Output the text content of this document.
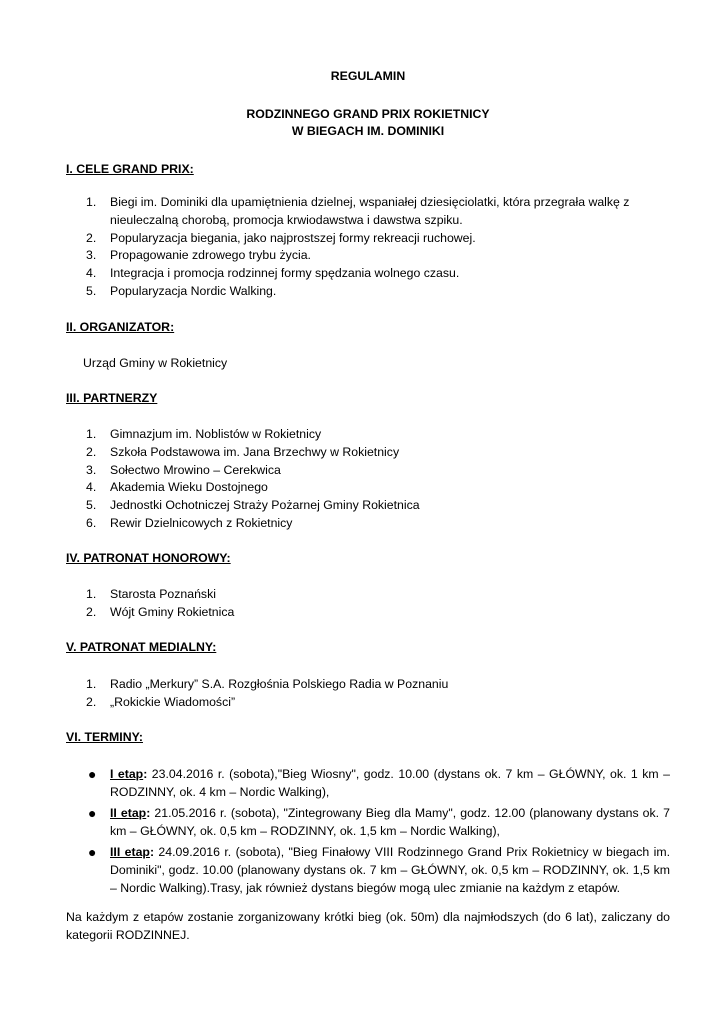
REGULAMIN
RODZINNEGO GRAND PRIX ROKIETNICY
W BIEGACH IM. DOMINIKI
I. CELE GRAND PRIX:
1. Biegi im. Dominiki dla upamiętnienia dzielnej, wspaniałej dziesięciolatki, która przegrała walkę z nieuleczalną chorobą, promocja krwiodawstwa i dawstwa szpiku.
2. Popularyzacja biegania, jako najprostszej formy rekreacji ruchowej.
3. Propagowanie zdrowego trybu życia.
4. Integracja i promocja rodzinnej formy spędzania wolnego czasu.
5. Popularyzacja Nordic Walking.
II. ORGANIZATOR:
Urząd Gminy w Rokietnicy
III. PARTNERZY
1. Gimnazjum im. Noblistów w Rokietnicy
2. Szkoła Podstawowa im. Jana Brzechwy w Rokietnicy
3. Sołectwo Mrowino – Cerekwica
4. Akademia Wieku Dostojnego
5. Jednostki Ochotniczej Straży Pożarnej Gminy Rokietnica
6. Rewir Dzielnicowych z Rokietnicy
IV. PATRONAT HONOROWY:
1. Starosta Poznański
2. Wójt Gminy Rokietnica
V. PATRONAT MEDIALNY:
1. Radio „Merkury” S.A. Rozgłośnia Polskiego Radia w Poznaniu
2. „Rokickie Wiadomości”
VI. TERMINY:
● I etap: 23.04.2016 r. (sobota),"Bieg Wiosny", godz. 10.00 (dystans ok. 7 km – GŁÓWNY, ok. 1 km – RODZINNY, ok. 4 km – Nordic Walking),
● II etap: 21.05.2016 r. (sobota), "Zintegrowany Bieg dla Mamy", godz. 12.00 (planowany dystans ok. 7 km – GŁÓWNY, ok. 0,5 km – RODZINNY, ok. 1,5 km – Nordic Walking),
● III etap: 24.09.2016 r. (sobota), "Bieg Finałowy VIII Rodzinnego Grand Prix Rokietnicy w biegach im. Dominiki", godz. 10.00 (planowany dystans ok. 7 km – GŁÓWNY, ok. 0,5 km – RODZINNY, ok. 1,5 km – Nordic Walking).Trasy, jak również dystans biegów mogą ulec zmianie na każdym z etapów.
Na każdym z etapów zostanie zorganizowany krótki bieg (ok. 50m) dla najmłodszych (do 6 lat), zaliczany do kategorii RODZINNEJ.
